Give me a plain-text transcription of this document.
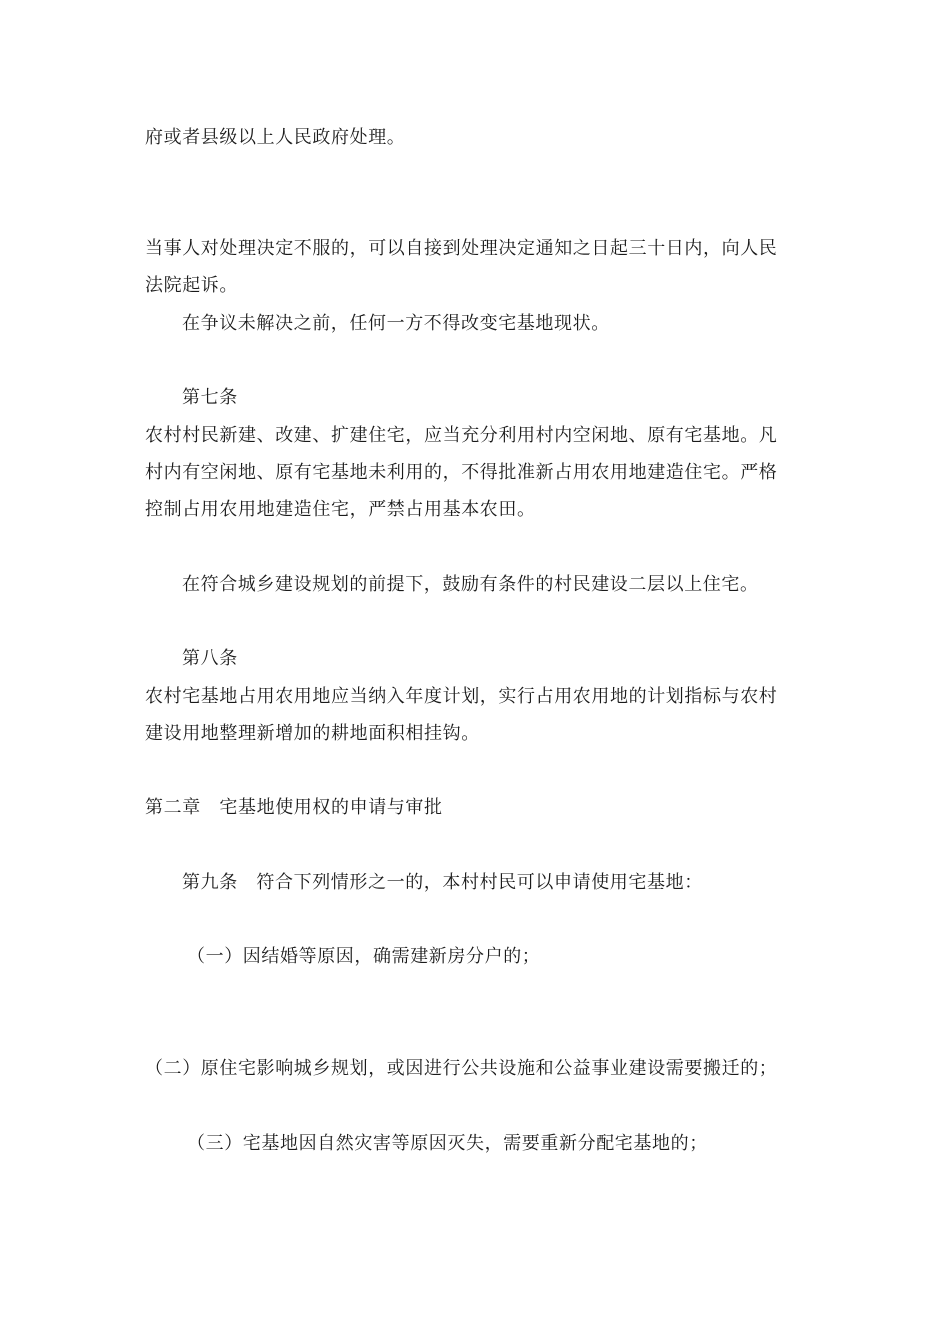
府或者县级以上人民政府处理。
当事人对处理决定不服的，可以自接到处理决定通知之日起三十日内，向人民
法院起诉。
在争议未解决之前，任何一方不得改变宅基地现状。
第七条
农村村民新建、改建、扩建住宅，应当充分利用村内空闲地、原有宅基地。凡
村内有空闲地、原有宅基地未利用的，不得批准新占用农用地建造住宅。严格
控制占用农用地建造住宅，严禁占用基本农田。
在符合城乡建设规划的前提下，鼓励有条件的村民建设二层以上住宅。
第八条
农村宅基地占用农用地应当纳入年度计划，实行占用农用地的计划指标与农村
建设用地整理新增加的耕地面积相挂钩。
第二章　宅基地使用权的申请与审批
第九条　符合下列情形之一的，本村村民可以申请使用宅基地：
（一）因结婚等原因，确需建新房分户的；
（二）原住宅影响城乡规划，或因进行公共设施和公益事业建设需要搬迁的；
（三）宅基地因自然灾害等原因灭失，需要重新分配宅基地的；
